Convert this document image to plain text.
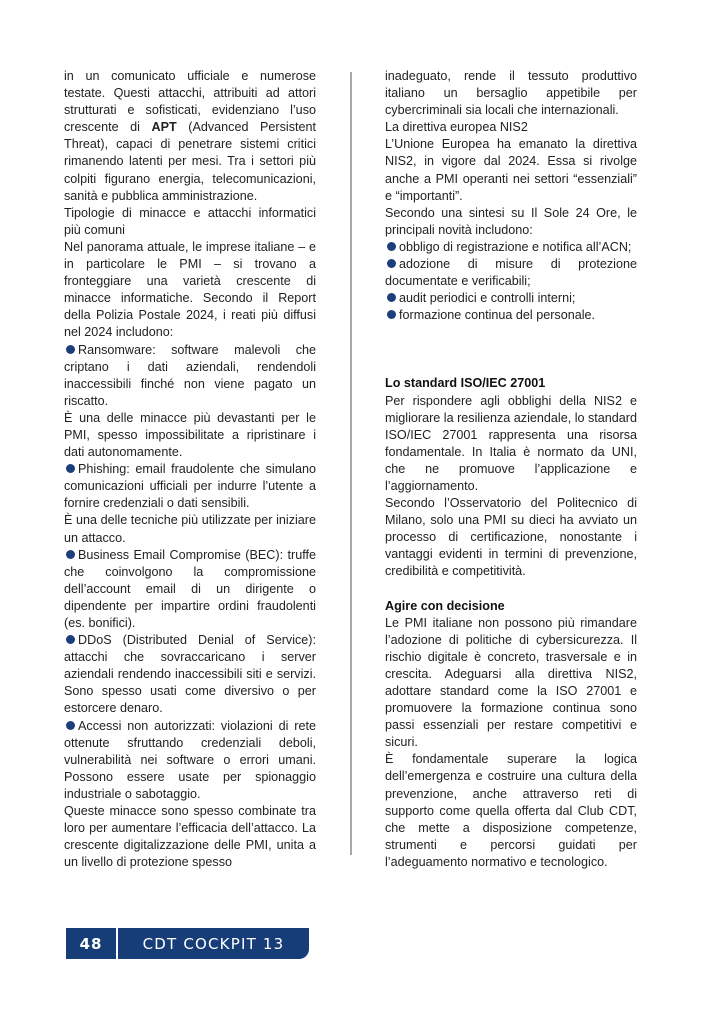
in un comunicato ufficiale e numerose testate. Questi attacchi, attribuiti ad attori strutturati e sofisticati, evidenziano l’uso crescente di APT (Advanced Persistent Threat), capaci di penetrare sistemi critici rimanendo latenti per mesi. Tra i settori più colpiti figurano energia, telecomunicazioni, sanità e pubblica amministrazione.

Tipologie di minacce e attacchi informatici più comuni

Nel panorama attuale, le imprese italiane – e in particolare le PMI – si trovano a fronteggiare una varietà crescente di minacce informatiche. Secondo il Report della Polizia Postale 2024, i reati più diffusi nel 2024 includono:

Ransomware: software malevoli che criptano i dati aziendali, rendendoli inaccessibili finché non viene pagato un riscatto.

È una delle minacce più devastanti per le PMI, spesso impossibilitate a ripristinare i dati autonomamente.

Phishing: email fraudolente che simulano comunicazioni ufficiali per indurre l’utente a fornire credenziali o dati sensibili.

È una delle tecniche più utilizzate per iniziare un attacco.

Business Email Compromise (BEC): truffe che coinvolgono la compromissione dell’account email di un dirigente o dipendente per impartire ordini fraudolenti (es. bonifici).

DDoS (Distributed Denial of Service): attacchi che sovraccaricano i server aziendali rendendo inaccessibili siti e servizi. Sono spesso usati come diversivo o per estorcere denaro.

Accessi non autorizzati: violazioni di rete ottenute sfruttando credenziali deboli, vulnerabilità nei software o errori umani. Possono essere usate per spionaggio industriale o sabotaggio.

Queste minacce sono spesso combinate tra loro per aumentare l’efficacia dell’attacco. La crescente digitalizzazione delle PMI, unita a un livello di protezione spesso

inadeguato, rende il tessuto produttivo italiano un bersaglio appetibile per cybercriminali sia locali che internazionali.

La direttiva europea NIS2

L’Unione Europea ha emanato la direttiva NIS2, in vigore dal 2024. Essa si rivolge anche a PMI operanti nei settori “essenziali” e “importanti”.

Secondo una sintesi su Il Sole 24 Ore, le principali novità includono:

obbligo di registrazione e notifica all’ACN;

adozione di misure di protezione documentate e verificabili;

audit periodici e controlli interni;

formazione continua del personale.

Lo standard ISO/IEC 27001

Per rispondere agli obblighi della NIS2 e migliorare la resilienza aziendale, lo standard ISO/IEC 27001 rappresenta una risorsa fondamentale. In Italia è normato da UNI, che ne promuove l’applicazione e l’aggiornamento.

Secondo l’Osservatorio del Politecnico di Milano, solo una PMI su dieci ha avviato un processo di certificazione, nonostante i vantaggi evidenti in termini di prevenzione, credibilità e competitività.

Agire con decisione

Le PMI italiane non possono più rimandare l’adozione di politiche di cybersicurezza. Il rischio digitale è concreto, trasversale e in crescita. Adeguarsi alla direttiva NIS2, adottare standard come la ISO 27001 e promuovere la formazione continua sono passi essenziali per restare competitivi e sicuri.

È fondamentale superare la logica dell’emergenza e costruire una cultura della prevenzione, anche attraverso reti di supporto come quella offerta dal Club CDT, che mette a disposizione competenze, strumenti e percorsi guidati per l’adeguamento normativo e tecnologico.

48	CDT COCKPIT 13
